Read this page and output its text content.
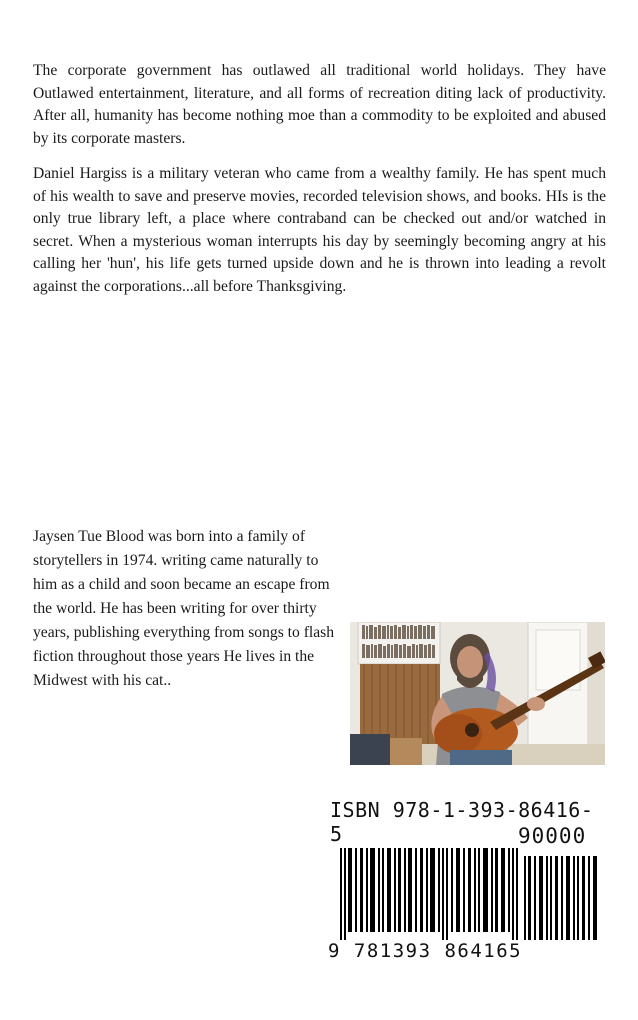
The corporate government has outlawed all traditional world holidays. They have Outlawed entertainment, literature, and all forms of recreation diting lack of productivity. After all, humanity has become nothing moe than a commodity to be exploited and abused by its corporate masters.

Daniel Hargiss is a military veteran who came from a wealthy family. He has spent much of his wealth to save and preserve movies, recorded television shows, and books. HIs is the only true library left, a place where contraband can be checked out and/or watched in secret. When a mysterious woman interrupts his day by seemingly becoming angry at his calling her 'hun', his life gets turned upside down and he is thrown into leading a revolt against the corporations...all before Thanksgiving.

Jaysen Tue Blood was born into a family of storytellers in 1974. writing came naturally to him as a child and soon became an escape from the world. He has been writing for over thirty years, publishing everything from songs to flash fiction throughout those years He lives in the Midwest with his cat..

ISBN 978-1-393-86416-5	90000
9 781393 864165
